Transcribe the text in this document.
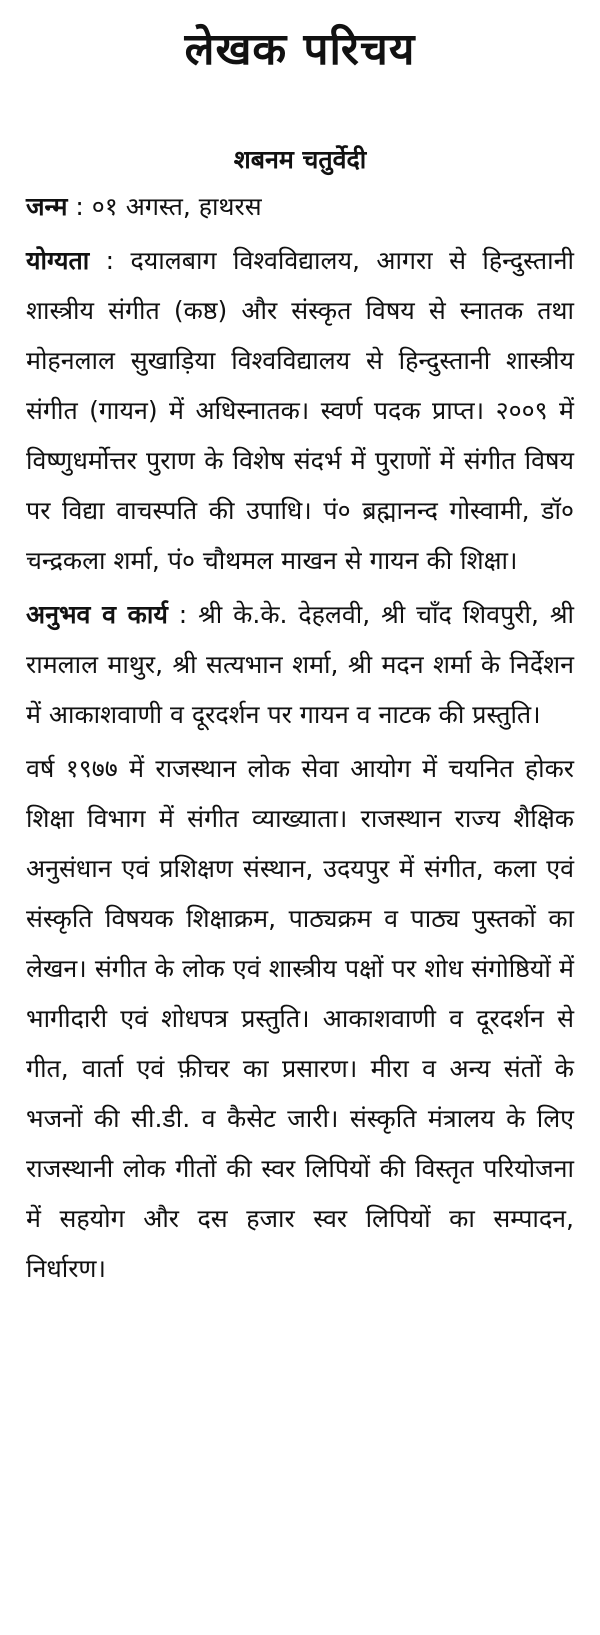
लेखक परिचय
शबनम चतुर्वेदी

जन्म : ०१ अगस्त, हाथरस

योग्यता : दयालबाग विश्वविद्यालय, आगरा से हिन्दुस्तानी शास्त्रीय संगीत (कष्ठ) और संस्कृत विषय से स्नातक तथा मोहनलाल सुखाड़िया विश्वविद्यालय से हिन्दुस्तानी शास्त्रीय संगीत (गायन) में अधिस्नातक। स्वर्ण पदक प्राप्त। २००९ में विष्णुधर्मोत्तर पुराण के विशेष संदर्भ में पुराणों में संगीत विषय पर विद्या वाचस्पति की उपाधि। पं० ब्रह्मानन्द गोस्वामी, डॉ० चन्द्रकला शर्मा, पं० चौथमल माखन से गायन की शिक्षा।

अनुभव व कार्य : श्री के.के. देहलवी, श्री चाँद शिवपुरी, श्री रामलाल माथुर, श्री सत्यभान शर्मा, श्री मदन शर्मा के निर्देशन में आकाशवाणी व दूरदर्शन पर गायन व नाटक की प्रस्तुति।

वर्ष १९७७ में राजस्थान लोक सेवा आयोग में चयनित होकर शिक्षा विभाग में संगीत व्याख्याता। राजस्थान राज्य शैक्षिक अनुसंधान एवं प्रशिक्षण संस्थान, उदयपुर में संगीत, कला एवं संस्कृति विषयक शिक्षाक्रम, पाठ्यक्रम व पाठ्य पुस्तकों का लेखन। संगीत के लोक एवं शास्त्रीय पक्षों पर शोध संगोष्ठियों में भागीदारी एवं शोधपत्र प्रस्तुति। आकाशवाणी व दूरदर्शन से गीत, वार्ता एवं फ़ीचर का प्रसारण। मीरा व अन्य संतों के भजनों की सी.डी. व कैसेट जारी। संस्कृति मंत्रालय के लिए राजस्थानी लोक गीतों की स्वर लिपियों की विस्तृत परियोजना में सहयोग और दस हजार स्वर लिपियों का सम्पादन, निर्धारण।
